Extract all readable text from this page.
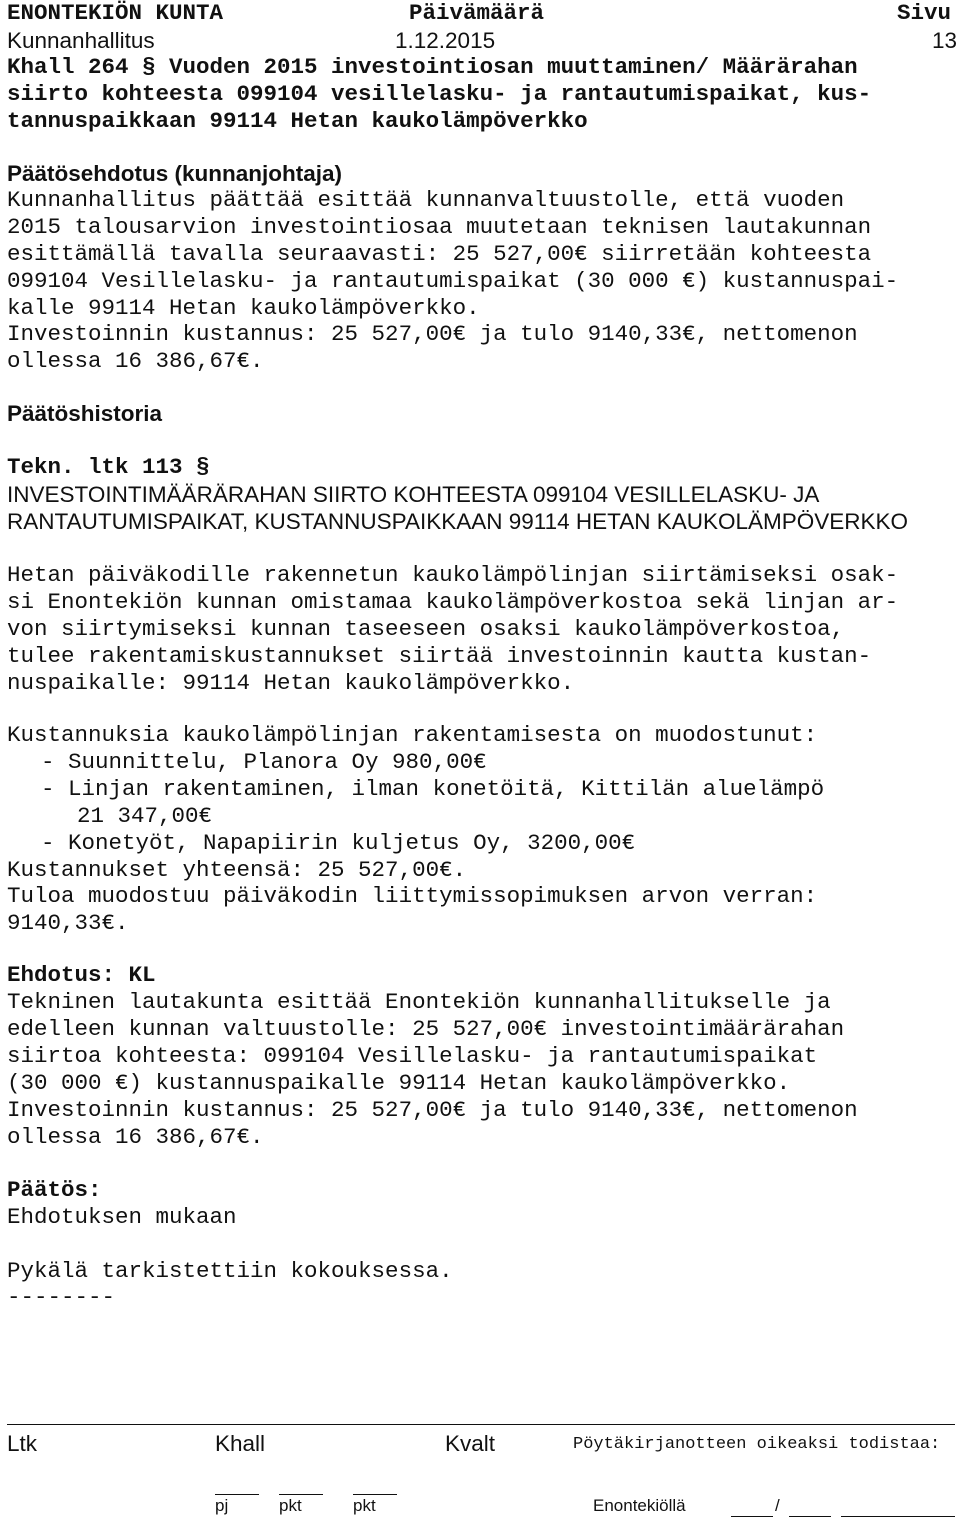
ENONTEKIÖN KUNTA	Päivämäärä	Sivu
Kunnanhallitus	1.12.2015	13
Khall 264 § Vuoden 2015 investointiosan muuttaminen/ Määrärahan
siirto kohteesta 099104 vesillelasku- ja rantautumispaikat, kus-
tannuspaikkaan 99114 Hetan kaukolämpöverkko
Päätösehdotus (kunnanjohtaja)
Kunnanhallitus päättää esittää kunnanvaltuustolle, että vuoden
2015 talousarvion investointiosaa muutetaan teknisen lautakunnan
esittämällä tavalla seuraavasti: 25 527,00€ siirretään kohteesta
099104 Vesillelasku- ja rantautumispaikat (30 000 €) kustannuspai-
kalle 99114 Hetan kaukolämpöverkko.
Investoinnin kustannus: 25 527,00€ ja tulo 9140,33€, nettomenon
ollessa 16 386,67€.
Päätöshistoria
Tekn. ltk 113 §
INVESTOINTIMÄÄRÄRAHAN SIIRTO KOHTEESTA 099104 VESILLELASKU- JA
RANTAUTUMISPAIKAT, KUSTANNUSPAIKKAAN 99114 HETAN KAUKOLÄMPÖVERKKO
Hetan päiväkodille rakennetun kaukolämpölinjan siirtämiseksi osak-
si Enontekiön kunnan omistamaa kaukolämpöverkostoa sekä linjan ar-
von siirtymiseksi kunnan taseeseen osaksi kaukolämpöverkostoa,
tulee rakentamiskustannukset siirtää investoinnin kautta kustan-
nuspaikalle: 99114 Hetan kaukolämpöverkko.
Kustannuksia kaukolämpölinjan rakentamisesta on muodostunut:
- Suunnittelu, Planora Oy 980,00€
- Linjan rakentaminen, ilman konetöitä, Kittilän aluelämpö
21 347,00€
- Konetyöt, Napapiirin kuljetus Oy, 3200,00€
Kustannukset yhteensä: 25 527,00€.
Tuloa muodostuu päiväkodin liittymissopimuksen arvon verran:
9140,33€.
Ehdotus: KL
Tekninen lautakunta esittää Enontekiön kunnanhallitukselle ja
edelleen kunnan valtuustolle: 25 527,00€ investointimäärärahan
siirtoa kohteesta: 099104 Vesillelasku- ja rantautumispaikat
(30 000 €) kustannuspaikalle 99114 Hetan kaukolämpöverkko.
Investoinnin kustannus: 25 527,00€ ja tulo 9140,33€, nettomenon
ollessa 16 386,67€.
Päätös:
Ehdotuksen mukaan
Pykälä tarkistettiin kokouksessa.
--------
Ltk	Khall	Kvalt	Pöytäkirjanotteen oikeaksi todistaa:
pj	pkt	pkt	Enontekiöllä	/
